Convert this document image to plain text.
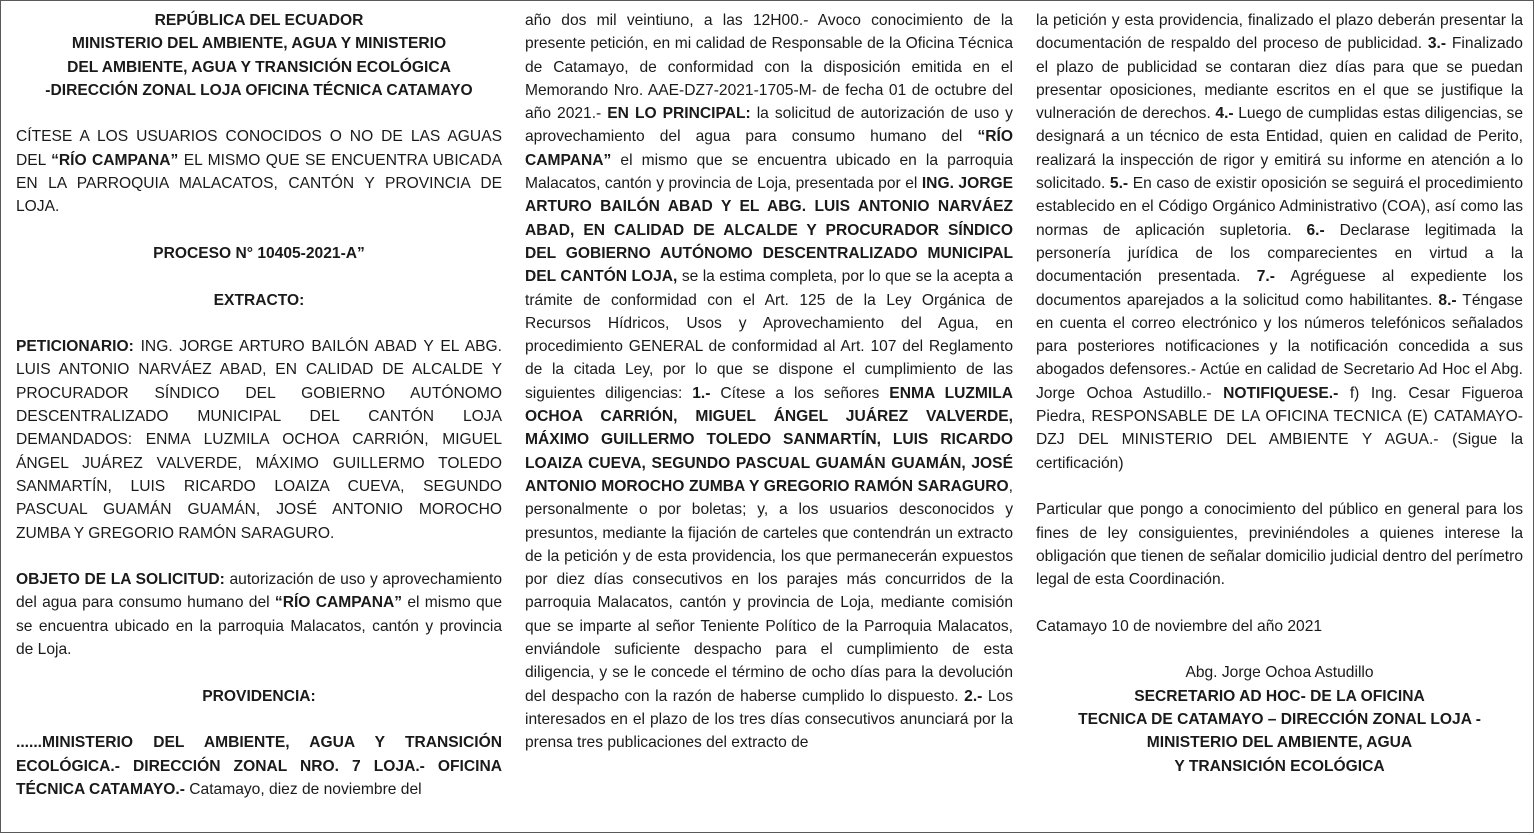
REPÚBLICA DEL ECUADOR
MINISTERIO DEL AMBIENTE, AGUA Y MINISTERIO
DEL AMBIENTE, AGUA Y TRANSICIÓN ECOLÓGICA
-DIRECCIÓN ZONAL LOJA OFICINA TÉCNICA CATAMAYO

CÍTESE A LOS USUARIOS CONOCIDOS O NO DE LAS AGUAS DEL “RÍO CAMPANA” EL MISMO QUE SE ENCUENTRA UBICADA EN LA PARROQUIA MALACATOS, CANTÓN Y PROVINCIA DE LOJA.

PROCESO N° 10405-2021-A”

EXTRACTO:

PETICIONARIO: ING. JORGE ARTURO BAILÓN ABAD Y EL ABG. LUIS ANTONIO NARVÁEZ ABAD, EN CALIDAD DE ALCALDE Y PROCURADOR SÍNDICO DEL GOBIERNO AUTÓNOMO DESCENTRALIZADO MUNICIPAL DEL CANTÓN LOJA DEMANDADOS: ENMA LUZMILA OCHOA CARRIÓN, MIGUEL ÁNGEL JUÁREZ VALVERDE, MÁXIMO GUILLERMO TOLEDO SANMARTÍN, LUIS RICARDO LOAIZA CUEVA, SEGUNDO PASCUAL GUAMÁN GUAMÁN, JOSÉ ANTONIO MOROCHO ZUMBA Y GREGORIO RAMÓN SARAGURO.

OBJETO DE LA SOLICITUD: autorización de uso y aprovechamiento del agua para consumo humano del “RÍO CAMPANA” el mismo que se encuentra ubicado en la parroquia Malacatos, cantón y provincia de Loja.

PROVIDENCIA:

......MINISTERIO DEL AMBIENTE, AGUA Y TRANSICIÓN ECOLÓGICA.- DIRECCIÓN ZONAL NRO. 7 LOJA.- OFICINA TÉCNICA CATAMAYO.- Catamayo, diez de noviembre del

año dos mil veintiuno, a las 12H00.- Avoco conocimiento de la presente petición, en mi calidad de Responsable de la Oficina Técnica de Catamayo, de conformidad con la disposición emitida en el Memorando Nro. AAE-DZ7-2021-1705-M- de fecha 01 de octubre del año 2021.- EN LO PRINCIPAL: la solicitud de autorización de uso y aprovechamiento del agua para consumo humano del “RÍO CAMPANA” el mismo que se encuentra ubicado en la parroquia Malacatos, cantón y provincia de Loja, presentada por el ING. JORGE ARTURO BAILÓN ABAD Y EL ABG. LUIS ANTONIO NARVÁEZ ABAD, EN CALIDAD DE ALCALDE Y PROCURADOR SÍNDICO DEL GOBIERNO AUTÓNOMO DESCENTRALIZADO MUNICIPAL DEL CANTÓN LOJA, se la estima completa, por lo que se la acepta a trámite de conformidad con el Art. 125 de la Ley Orgánica de Recursos Hídricos, Usos y Aprovechamiento del Agua, en procedimiento GENERAL de conformidad al Art. 107 del Reglamento de la citada Ley, por lo que se dispone el cumplimiento de las siguientes diligencias: 1.- Cítese a los señores ENMA LUZMILA OCHOA CARRIÓN, MIGUEL ÁNGEL JUÁREZ VALVERDE, MÁXIMO GUILLERMO TOLEDO SANMARTÍN, LUIS RICARDO LOAIZA CUEVA, SEGUNDO PASCUAL GUAMÁN GUAMÁN, JOSÉ ANTONIO MOROCHO ZUMBA Y GREGORIO RAMÓN SARAGURO, personalmente o por boletas; y, a los usuarios desconocidos y presuntos, mediante la fijación de carteles que contendrán un extracto de la petición y de esta providencia, los que permanecerán expuestos por diez días consecutivos en los parajes más concurridos de la parroquia Malacatos, cantón y provincia de Loja, mediante comisión que se imparte al señor Teniente Político de la Parroquia Malacatos, enviándole suficiente despacho para el cumplimiento de esta diligencia, y se le concede el término de ocho días para la devolución del despacho con la razón de haberse cumplido lo dispuesto. 2.- Los interesados en el plazo de los tres días consecutivos anunciará por la prensa tres publicaciones del extracto de

la petición y esta providencia, finalizado el plazo deberán presentar la documentación de respaldo del proceso de publicidad. 3.- Finalizado el plazo de publicidad se contaran diez días para que se puedan presentar oposiciones, mediante escritos en el que se justifique la vulneración de derechos. 4.- Luego de cumplidas estas diligencias, se designará a un técnico de esta Entidad, quien en calidad de Perito, realizará la inspección de rigor y emitirá su informe en atención a lo solicitado. 5.- En caso de existir oposición se seguirá el procedimiento establecido en el Código Orgánico Administrativo (COA), así como las normas de aplicación supletoria. 6.- Declarase legitimada la personería jurídica de los comparecientes en virtud a la documentación presentada. 7.- Agréguese al expediente los documentos aparejados a la solicitud como habilitantes. 8.- Téngase en cuenta el correo electrónico y los números telefónicos señalados para posteriores notificaciones y la notificación concedida a sus abogados defensores.- Actúe en calidad de Secretario Ad Hoc el Abg. Jorge Ochoa Astudillo.- NOTIFIQUESE.- f) Ing. Cesar Figueroa Piedra, RESPONSABLE DE LA OFICINA TECNICA (E) CATAMAYO- DZJ DEL MINISTERIO DEL AMBIENTE Y AGUA.- (Sigue la certificación)

Particular que pongo a conocimiento del público en general para los fines de ley consiguientes, previniéndoles a quienes interese la obligación que tienen de señalar domicilio judicial dentro del perímetro legal de esta Coordinación.

Catamayo 10 de noviembre del año 2021

Abg. Jorge Ochoa Astudillo
SECRETARIO AD HOC- DE LA OFICINA
TECNICA DE CATAMAYO – DIRECCIÓN ZONAL LOJA -
MINISTERIO DEL AMBIENTE, AGUA
Y TRANSICIÓN ECOLÓGICA
